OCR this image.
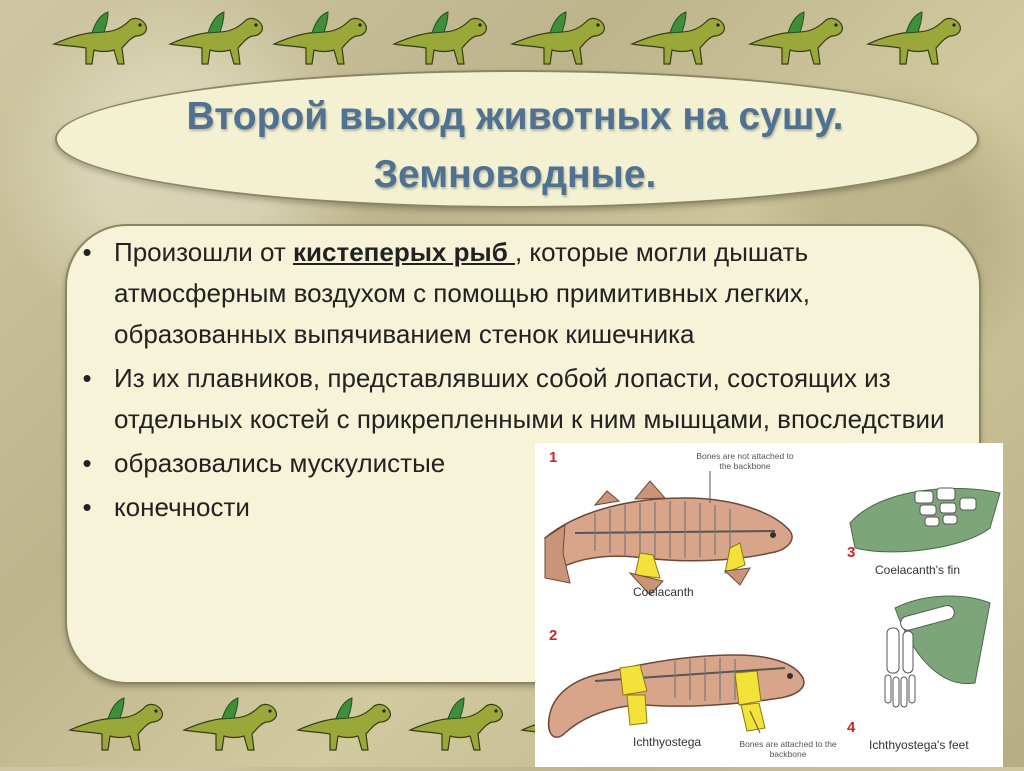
Второй выход животных на сушу.
Земноводные.
• Произошли от кистеперых рыб , которые могли дышать атмосферным воздухом с помощью примитивных легких, образованных выпячиванием стенок кишечника
• Из их плавников, представлявших собой лопасти, состоящих из отдельных костей с прикрепленными к ним мышцами, впоследствии
• образовались мускулистые
• конечности
1
2
3
4
Bones are not attached to the backbone
Bones are attached to the backbone
Coelacanth
Coelacanth's fin
Ichthyostega	Ichthyostega's feet
